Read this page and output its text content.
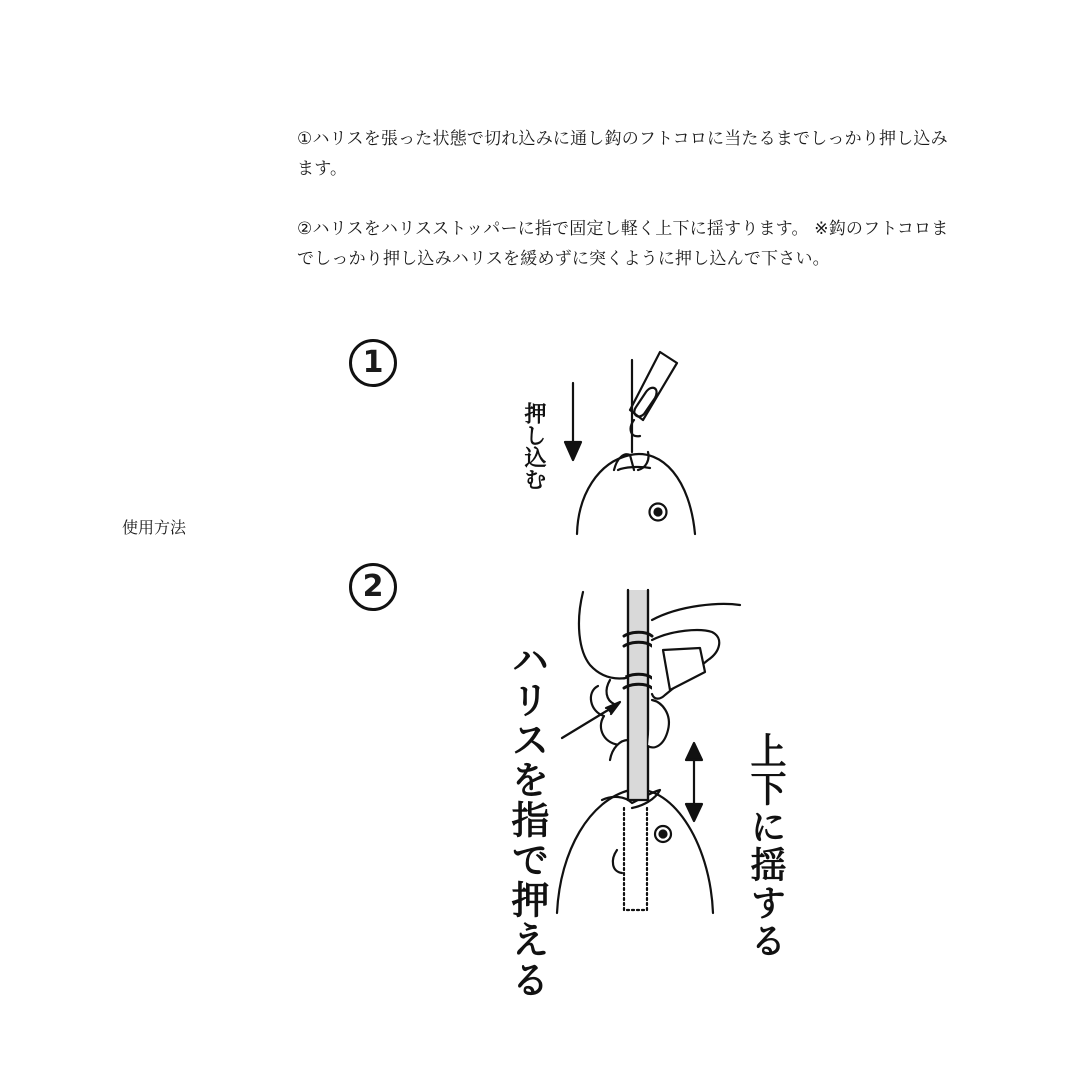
①ハリスを張った状態で切れ込みに通し鈎のフトコロに当たるまでしっかり押し込みます。

②ハリスをハリスストッパーに指で固定し軽く上下に揺すります。 ※鈎のフトコロまでしっかり押し込みハリスを緩めずに突くように押し込んで下さい。

使用方法
1
2
押し込む
ハリスを指で押える	上下に揺する
